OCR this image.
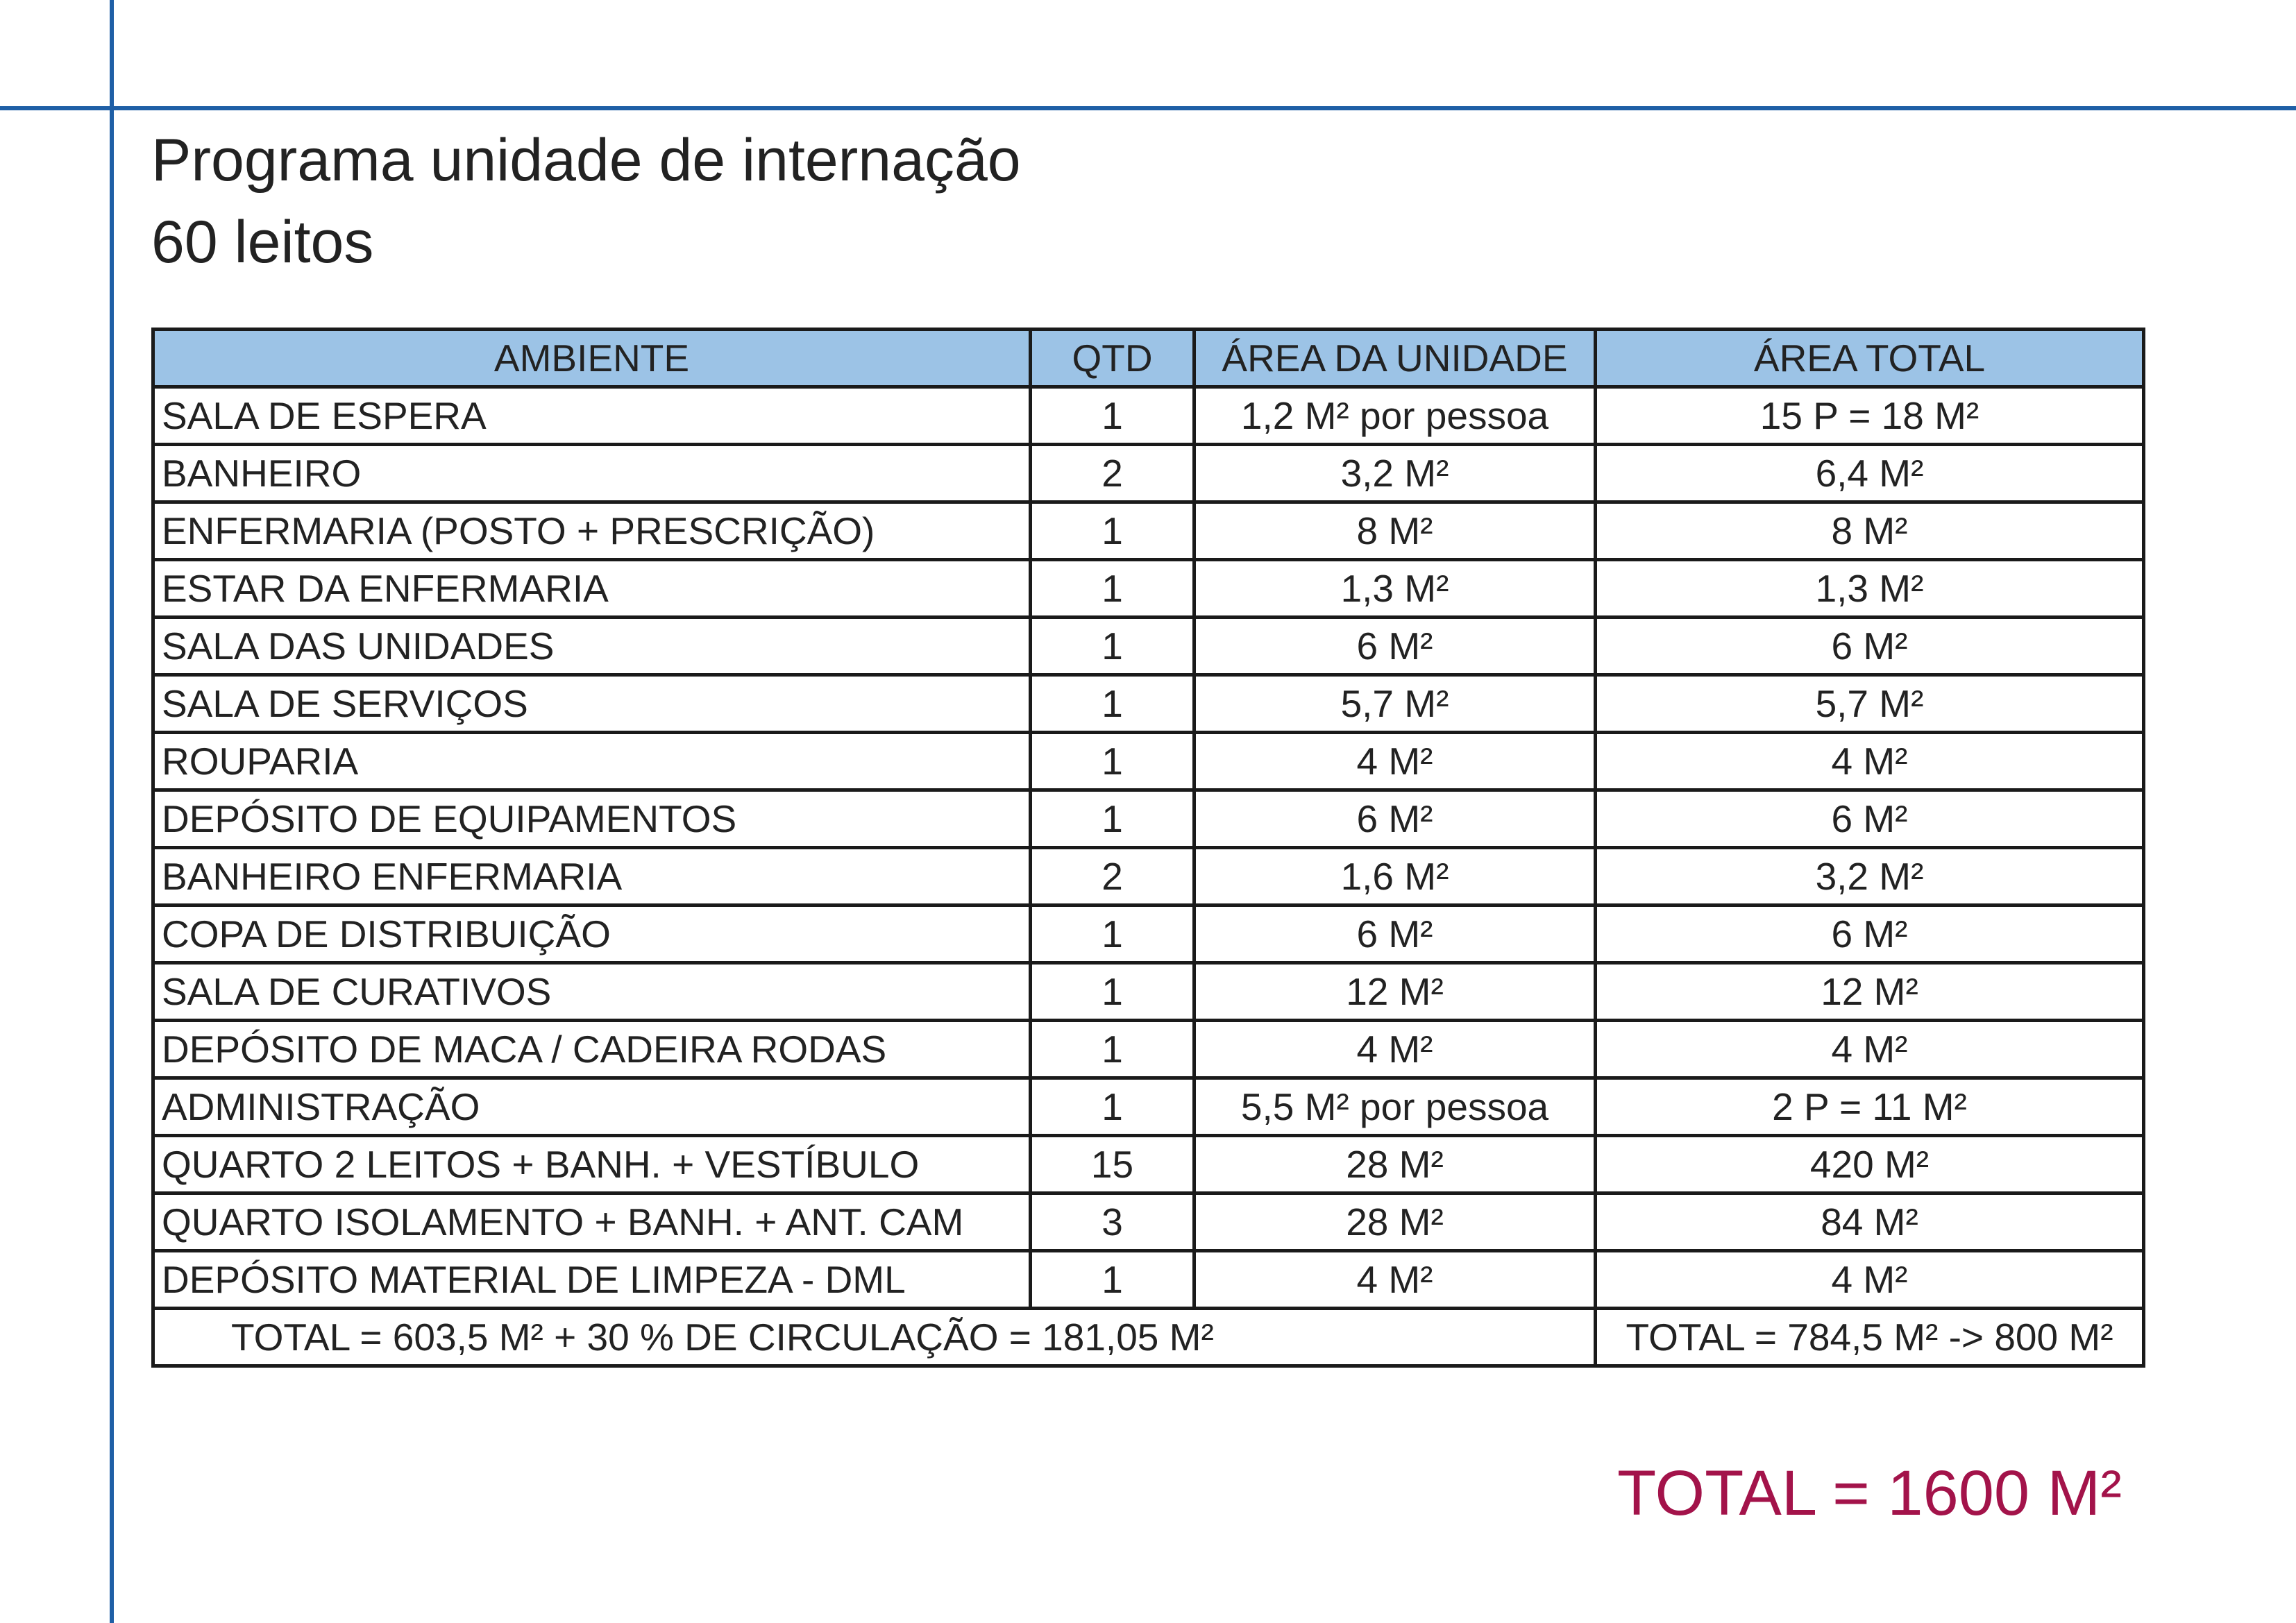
Programa unidade de internação
60 leitos
AMBIENTE	QTD	ÁREA DA UNIDADE	ÁREA TOTAL
SALA DE ESPERA	1	1,2 M² por pessoa	15 P = 18 M²
BANHEIRO	2	3,2 M²	6,4 M²
ENFERMARIA (POSTO + PRESCRIÇÃO)	1	8 M²	8 M²
ESTAR DA ENFERMARIA	1	1,3 M²	1,3 M²
SALA DAS UNIDADES	1	6 M²	6 M²
SALA DE SERVIÇOS	1	5,7 M²	5,7 M²
ROUPARIA	1	4 M²	4 M²
DEPÓSITO DE EQUIPAMENTOS	1	6 M²	6 M²
BANHEIRO ENFERMARIA	2	1,6 M²	3,2 M²
COPA DE DISTRIBUIÇÃO	1	6 M²	6 M²
SALA DE CURATIVOS	1	12 M²	12 M²
DEPÓSITO DE MACA / CADEIRA RODAS	1	4 M²	4 M²
ADMINISTRAÇÃO	1	5,5 M² por pessoa	2 P = 11 M²
QUARTO 2 LEITOS + BANH. + VESTÍBULO	15	28 M²	420 M²
QUARTO ISOLAMENTO + BANH. + ANT. CAM	3	28 M²	84 M²
DEPÓSITO MATERIAL DE LIMPEZA - DML	1	4 M²	4 M²
TOTAL = 603,5 M² + 30 % DE CIRCULAÇÃO = 181,05 M²			TOTAL = 784,5 M² -> 800 M²
TOTAL = 1600 M²
